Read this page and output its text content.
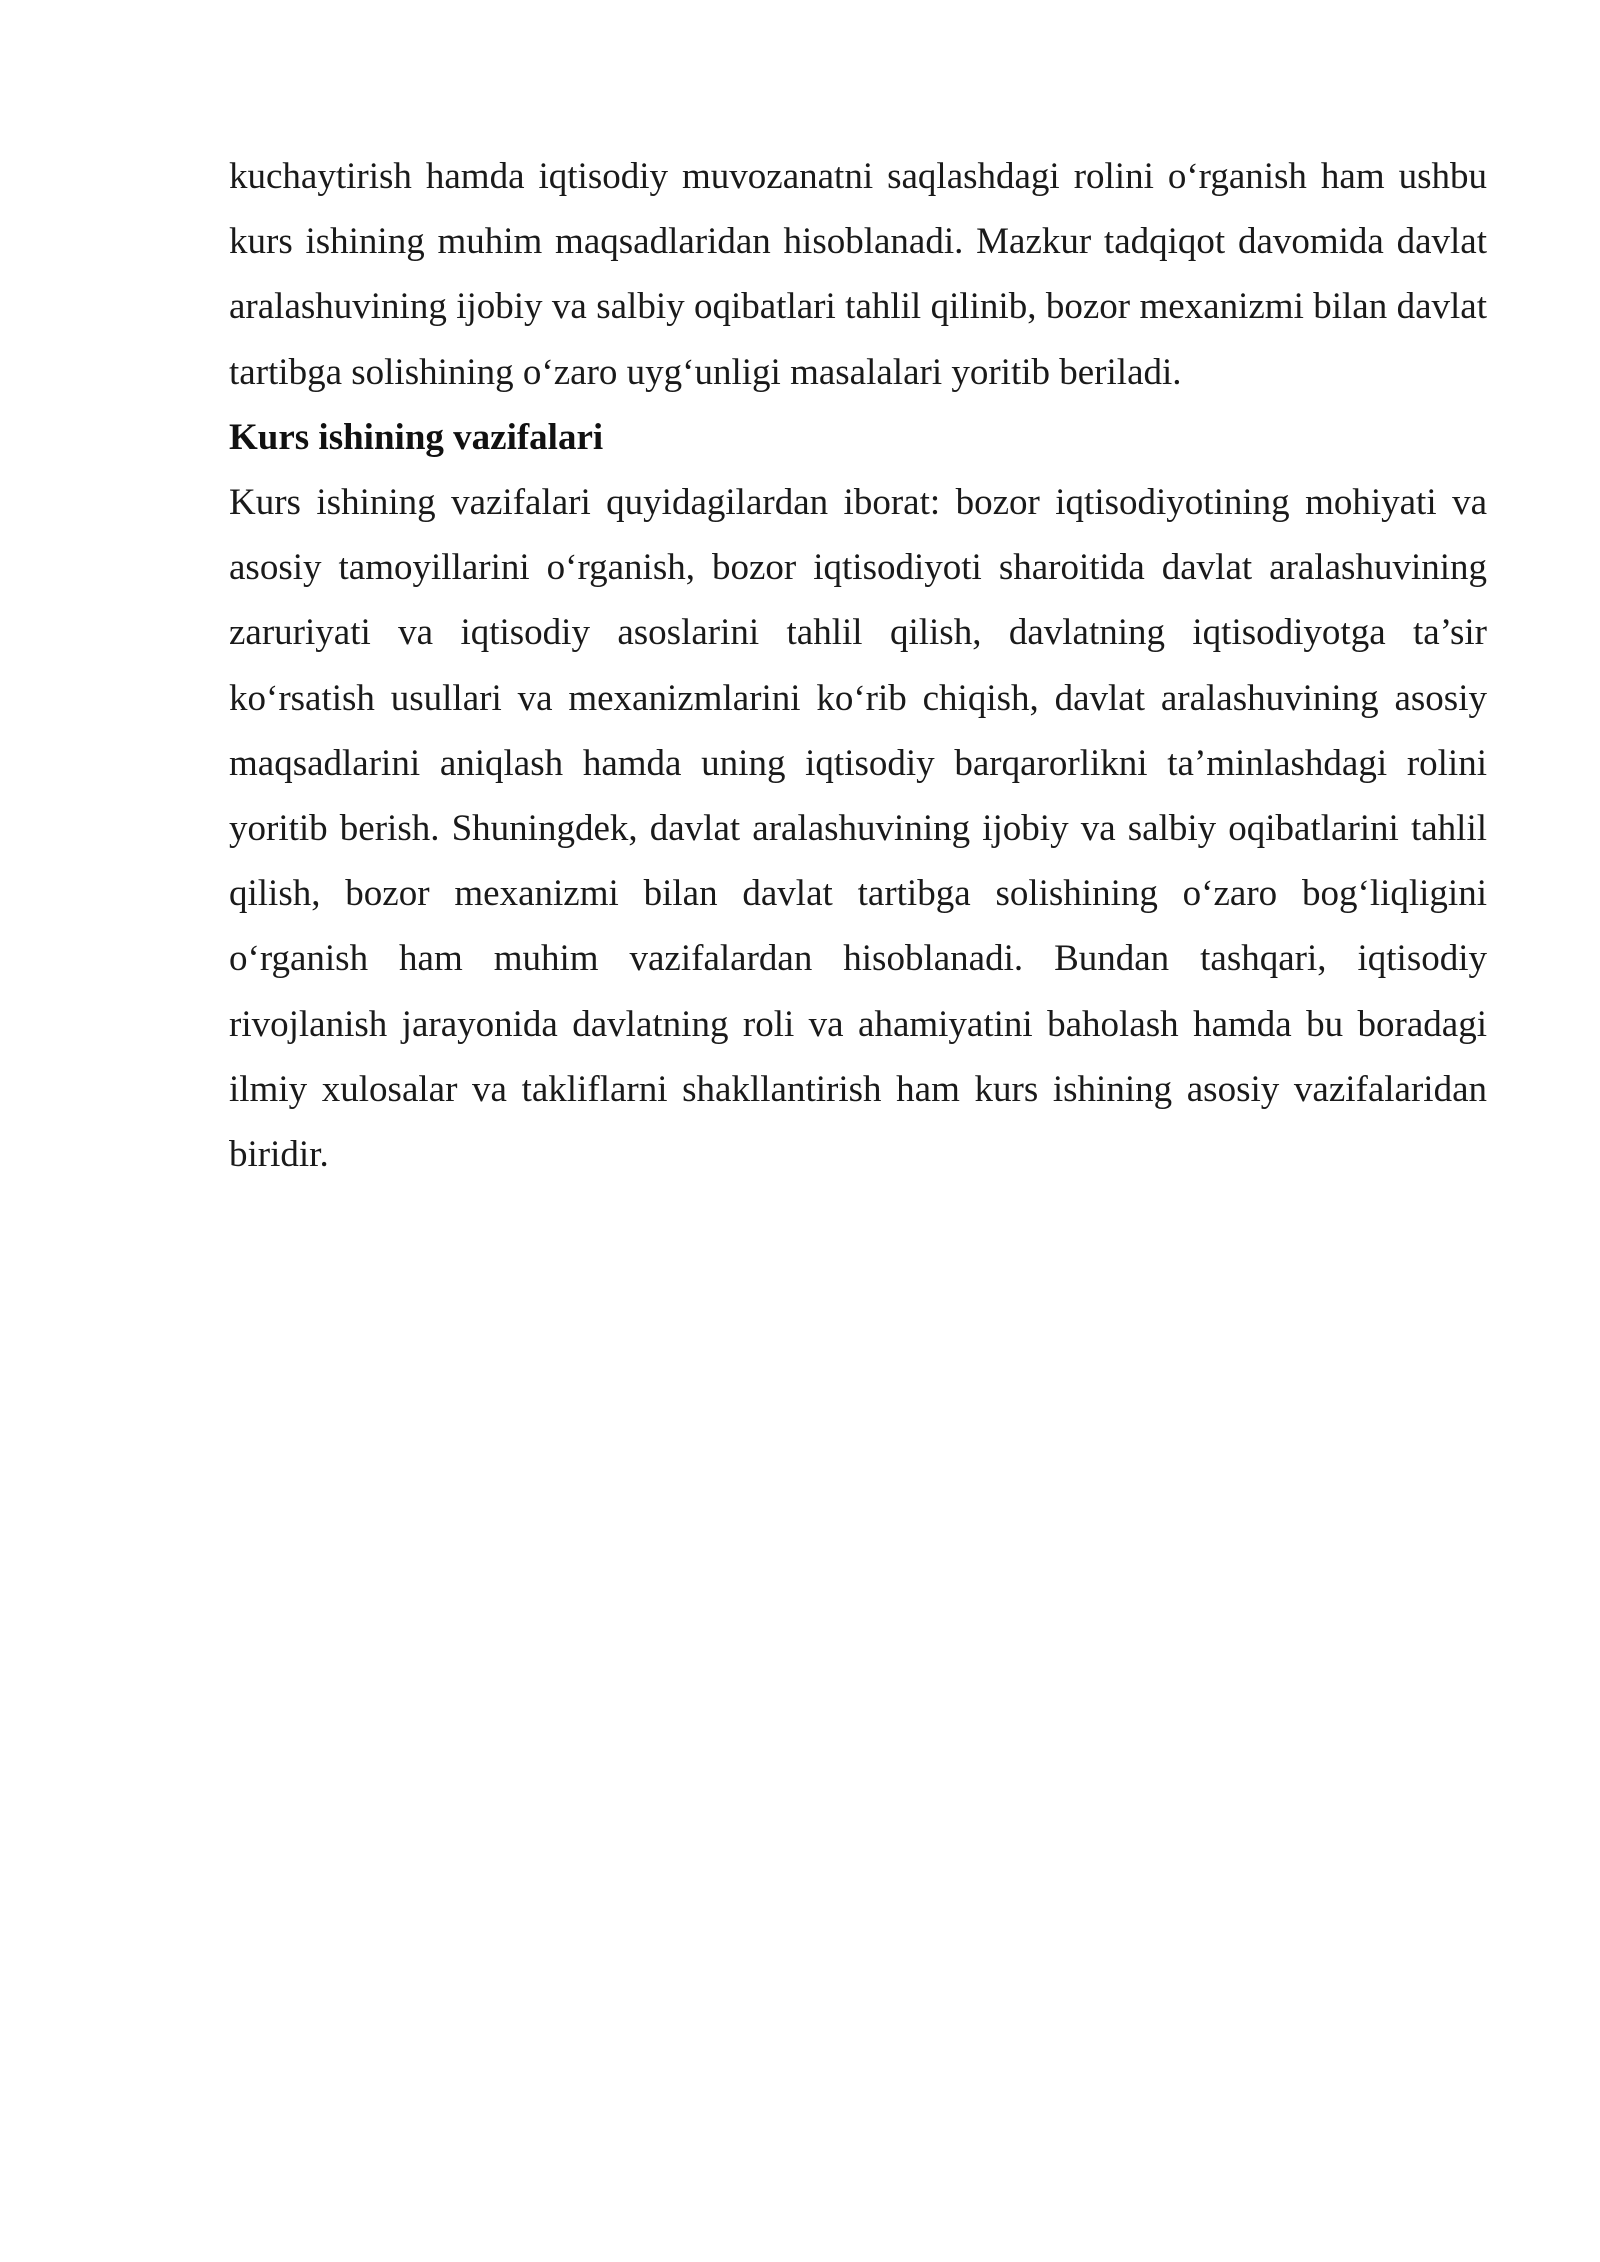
kuchaytirish hamda iqtisodiy muvozanatni saqlashdagi rolini o‘rganish ham ushbu kurs ishining muhim maqsadlaridan hisoblanadi. Mazkur tadqiqot davomida davlat aralashuvining ijobiy va salbiy oqibatlari tahlil qilinib, bozor mexanizmi bilan davlat tartibga solishining o‘zaro uyg‘unligi masalalari yoritib beriladi.

Kurs ishining vazifalari

Kurs ishining vazifalari quyidagilardan iborat: bozor iqtisodiyotining mohiyati va asosiy tamoyillarini o‘rganish, bozor iqtisodiyoti sharoitida davlat aralashuvining zaruriyati va iqtisodiy asoslarini tahlil qilish, davlatning iqtisodiyotga ta’sir ko‘rsatish usullari va mexanizmlarini ko‘rib chiqish, davlat aralashuvining asosiy maqsadlarini aniqlash hamda uning iqtisodiy barqarorlikni ta’minlashdagi rolini yoritib berish. Shuningdek, davlat aralashuvining ijobiy va salbiy oqibatlarini tahlil qilish, bozor mexanizmi bilan davlat tartibga solishining o‘zaro bog‘liqligini o‘rganish ham muhim vazifalardan hisoblanadi. Bundan tashqari, iqtisodiy rivojlanish jarayonida davlatning roli va ahamiyatini baholash hamda bu boradagi ilmiy xulosalar va takliflarni shakllantirish ham kurs ishining asosiy vazifalaridan biridir.
